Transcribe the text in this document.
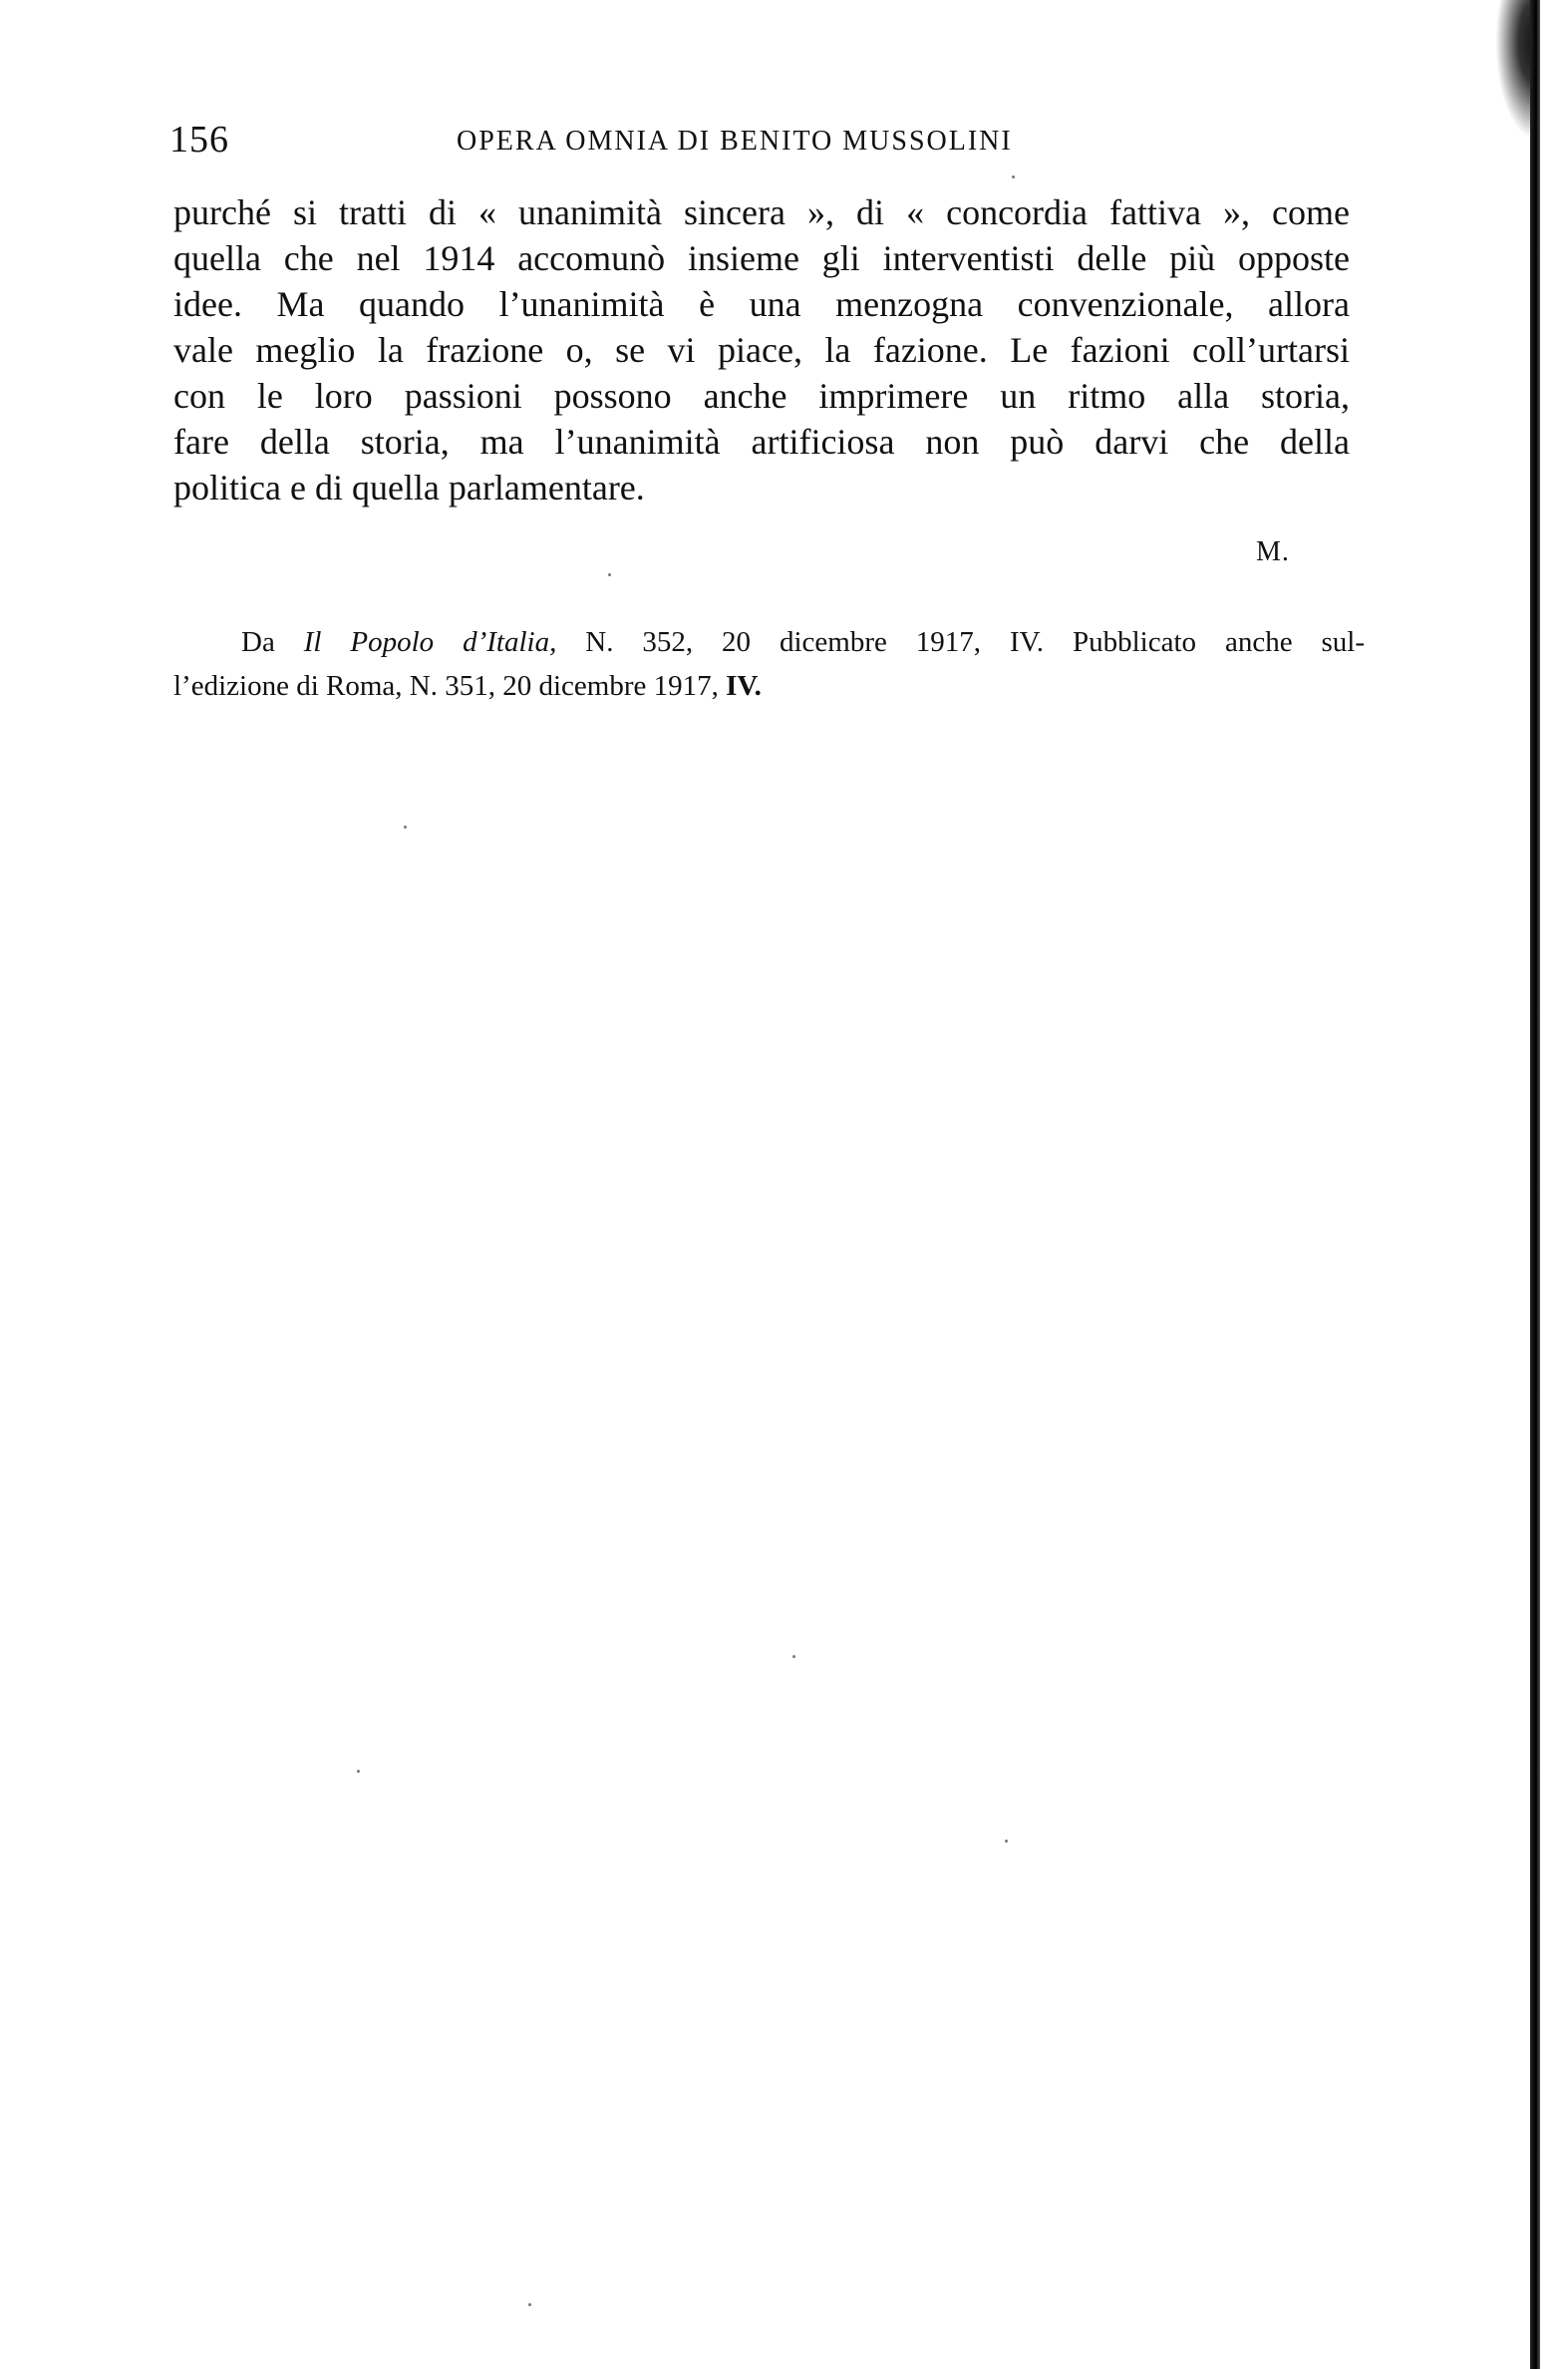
156	OPERA OMNIA DI BENITO MUSSOLINI
purché si tratti di « unanimità sincera », di « concordia fattiva », come
quella che nel 1914 accomunò insieme gli interventisti delle più opposte
idee. Ma quando l’unanimità è una menzogna convenzionale, allora
vale meglio la frazione o, se vi piace, la fazione. Le fazioni coll’urtarsi
con le loro passioni possono anche imprimere un ritmo alla storia,
fare della storia, ma l’unanimità artificiosa non può darvi che della
politica e di quella parlamentare.
M.
Da Il Popolo d’Italia, N. 352, 20 dicembre 1917, IV. Pubblicato anche sul-
l’edizione di Roma, N. 351, 20 dicembre 1917, IV.
